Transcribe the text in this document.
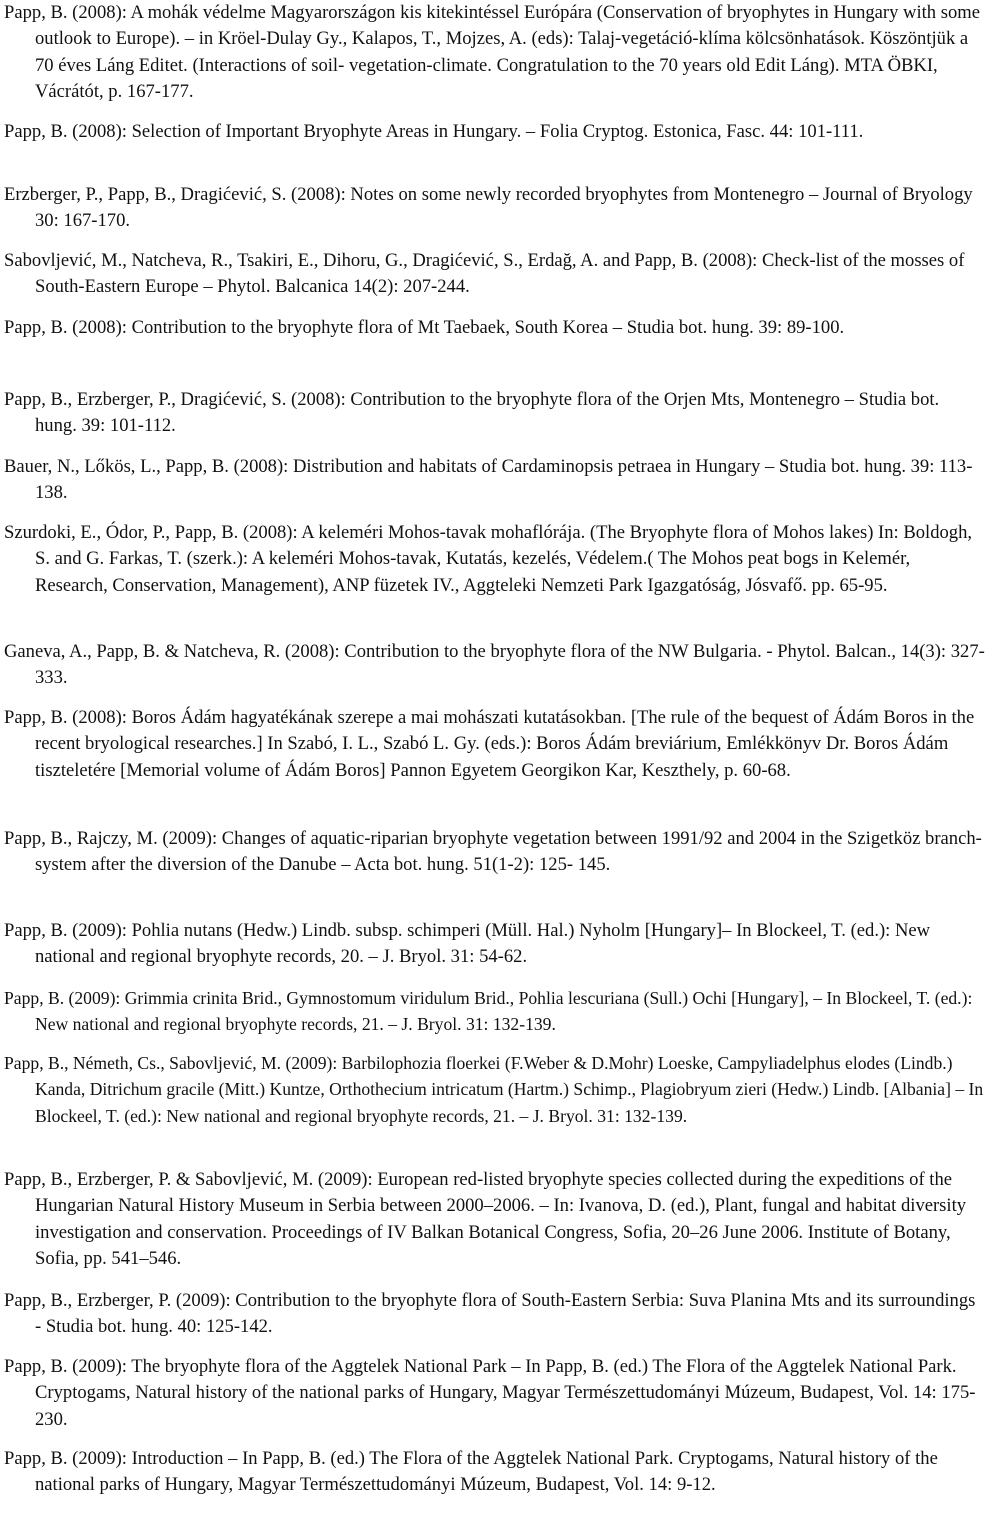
Papp, B. (2008): A mohák védelme Magyarországon kis kitekintéssel Európára (Conservation of bryophytes in Hungary with some outlook to Europe). – in Kröel-Dulay Gy., Kalapos, T., Mojzes, A. (eds): Talaj-vegetáció-klíma kölcsönhatások. Köszöntjük a 70 éves Láng Editet. (Interactions of soil- vegetation-climate. Congratulation to the 70 years old Edit Láng). MTA ÖBKI, Vácrátót, p. 167-177.

Papp, B. (2008): Selection of Important Bryophyte Areas in Hungary. – Folia Cryptog. Estonica, Fasc. 44: 101-111.

Erzberger, P., Papp, B., Dragićević, S. (2008): Notes on some newly recorded bryophytes from Montenegro – Journal of Bryology 30: 167-170.

Sabovljević, M., Natcheva, R., Tsakiri, E., Dihoru, G., Dragićević, S., Erdağ, A. and Papp, B. (2008): Check-list of the mosses of South-Eastern Europe – Phytol. Balcanica 14(2): 207-244.

Papp, B. (2008): Contribution to the bryophyte flora of Mt Taebaek, South Korea – Studia bot. hung. 39: 89-100.

Papp, B., Erzberger, P., Dragićević, S. (2008): Contribution to the bryophyte flora of the Orjen Mts, Montenegro – Studia bot. hung. 39: 101-112.

Bauer, N., Lőkös, L., Papp, B. (2008): Distribution and habitats of Cardaminopsis petraea in Hungary – Studia bot. hung. 39: 113-138.

Szurdoki, E., Ódor, P., Papp, B. (2008): A keleméri Mohos-tavak mohaflórája. (The Bryophyte flora of Mohos lakes) In: Boldogh, S. and G. Farkas, T. (szerk.): A keleméri Mohos-tavak, Kutatás, kezelés, Védelem.( The Mohos peat bogs in Kelemér, Research, Conservation, Management), ANP füzetek IV., Aggteleki Nemzeti Park Igazgatóság, Jósvafő. pp. 65-95.

Ganeva, A., Papp, B. & Natcheva, R. (2008): Contribution to the bryophyte flora of the NW Bulgaria. - Phytol. Balcan., 14(3): 327-333.

Papp, B. (2008): Boros Ádám hagyatékának szerepe a mai mohászati kutatásokban. [The rule of the bequest of Ádám Boros in the recent bryological researches.] In Szabó, I. L., Szabó L. Gy. (eds.): Boros Ádám breviárium, Emlékkönyv Dr. Boros Ádám tiszteletére [Memorial volume of Ádám Boros] Pannon Egyetem Georgikon Kar, Keszthely, p. 60-68.

Papp, B., Rajczy, M. (2009): Changes of aquatic-riparian bryophyte vegetation between 1991/92 and 2004 in the Szigetköz branch-system after the diversion of the Danube – Acta bot. hung. 51(1-2): 125- 145.

Papp, B. (2009): Pohlia nutans (Hedw.) Lindb. subsp. schimperi (Müll. Hal.) Nyholm [Hungary]– In Blockeel, T. (ed.): New national and regional bryophyte records, 20. – J. Bryol. 31: 54-62.

Papp, B. (2009): Grimmia crinita Brid., Gymnostomum viridulum Brid., Pohlia lescuriana (Sull.) Ochi [Hungary], – In Blockeel, T. (ed.): New national and regional bryophyte records, 21. – J. Bryol. 31: 132-139.

Papp, B., Németh, Cs., Sabovljević, M. (2009): Barbilophozia floerkei (F.Weber & D.Mohr) Loeske, Campyliadelphus elodes (Lindb.) Kanda, Ditrichum gracile (Mitt.) Kuntze, Orthothecium intricatum (Hartm.) Schimp., Plagiobryum zieri (Hedw.) Lindb. [Albania] – In Blockeel, T. (ed.): New national and regional bryophyte records, 21. – J. Bryol. 31: 132-139.

Papp, B., Erzberger, P. & Sabovljević, M. (2009): European red-listed bryophyte species collected during the expeditions of the Hungarian Natural History Museum in Serbia between 2000–2006. – In: Ivanova, D. (ed.), Plant, fungal and habitat diversity investigation and conservation. Proceedings of IV Balkan Botanical Congress, Sofia, 20–26 June 2006. Institute of Botany, Sofia, pp. 541–546.

Papp, B., Erzberger, P. (2009): Contribution to the bryophyte flora of South-Eastern Serbia: Suva Planina Mts and its surroundings - Studia bot. hung. 40: 125-142.

Papp, B. (2009): The bryophyte flora of the Aggtelek National Park – In Papp, B. (ed.) The Flora of the Aggtelek National Park. Cryptogams, Natural history of the national parks of Hungary, Magyar Természettudományi Múzeum, Budapest, Vol. 14: 175-230.

Papp, B. (2009): Introduction – In Papp, B. (ed.) The Flora of the Aggtelek National Park. Cryptogams, Natural history of the national parks of Hungary, Magyar Természettudományi Múzeum, Budapest, Vol. 14: 9-12.
